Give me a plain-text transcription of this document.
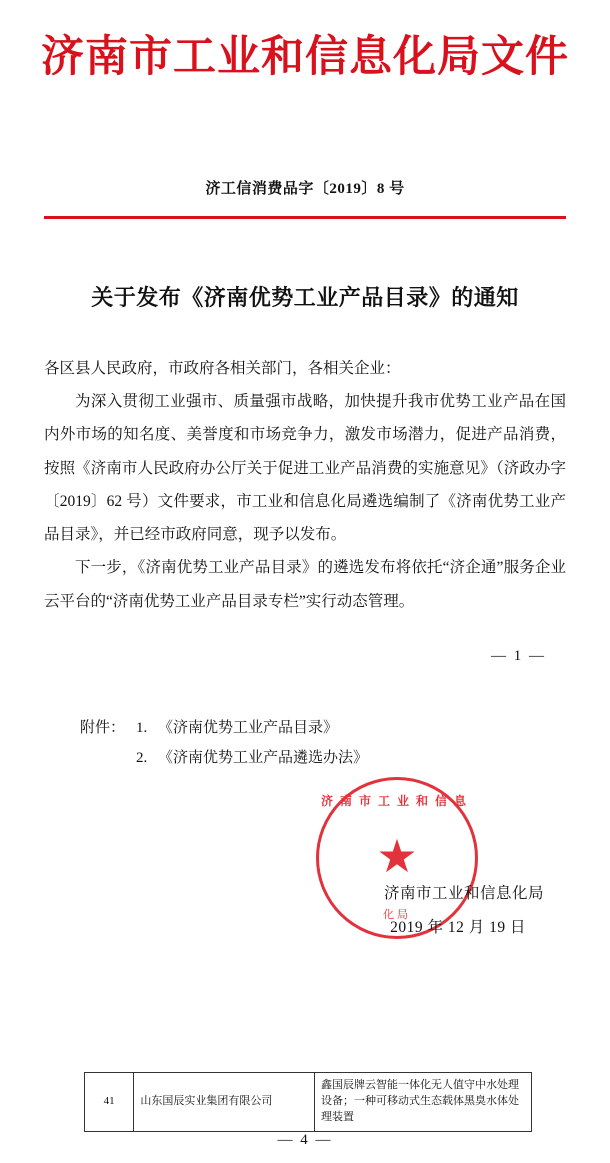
济南市工业和信息化局文件
济工信消费品字〔2019〕8 号
关于发布《济南优势工业产品目录》的通知

各区县人民政府，市政府各相关部门，各相关企业：

为深入贯彻工业强市、质量强市战略，加快提升我市优势工业产品在国内外市场的知名度、美誉度和市场竞争力，激发市场潜力，促进产品消费，按照《济南市人民政府办公厅关于促进工业产品消费的实施意见》（济政办字〔2019〕62 号）文件要求，市工业和信息化局遴选编制了《济南优势工业产品目录》，并已经市政府同意，现予以发布。

下一步，《济南优势工业产品目录》的遴选发布将依托“济企通”服务企业云平台的“济南优势工业产品目录专栏”实行动态管理。

— 1 —
附件： 1. 《济南优势工业产品目录》
2. 《济南优势工业产品遴选办法》
济南市工业和信息
★
化局
济南市工业和信息化局
2019 年 12 月 19 日
41	山东国辰实业集团有限公司	鑫国辰牌云智能一体化无人值守中水处理设备；一种可移动式生态载体黑臭水体处理装置
— 4 —
